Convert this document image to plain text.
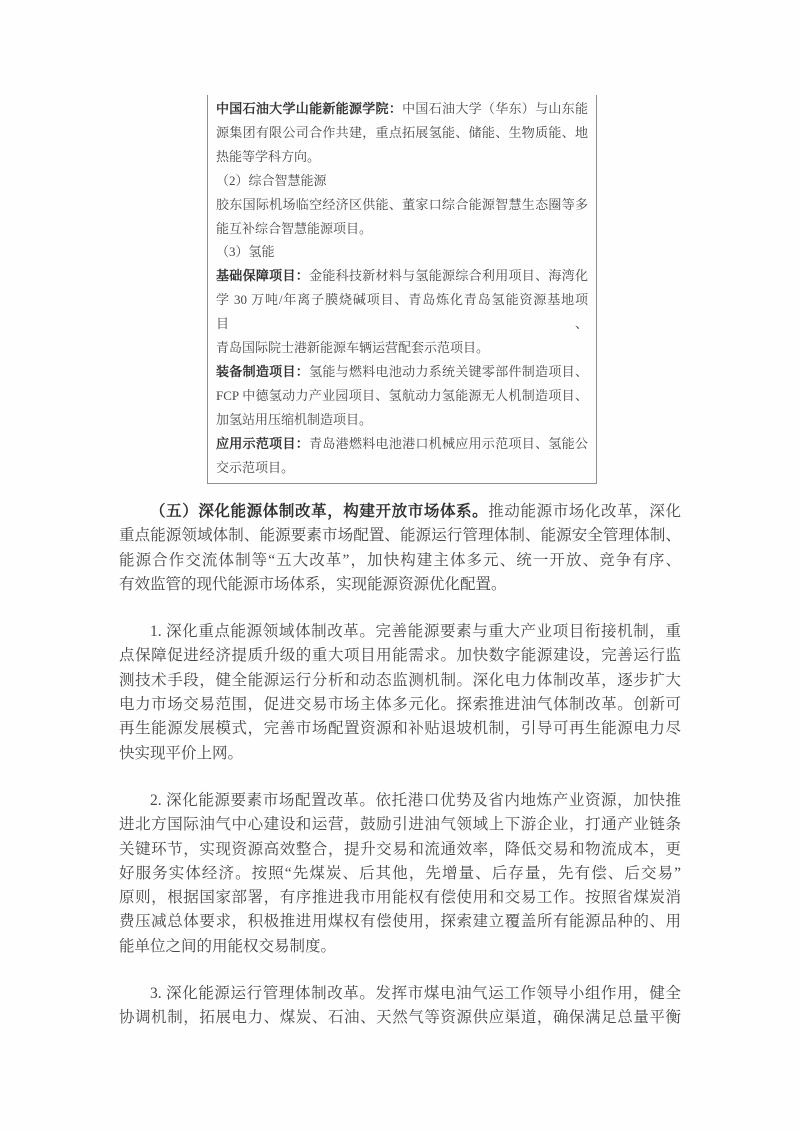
中国石油大学山能新能源学院：中国石油大学（华东）与山东能
源集团有限公司合作共建，重点拓展氢能、储能、生物质能、地
热能等学科方向。
（2）综合智慧能源
胶东国际机场临空经济区供能、董家口综合能源智慧生态圈等多
能互补综合智慧能源项目。
（3）氢能
基础保障项目：金能科技新材料与氢能源综合利用项目、海湾化
学 30 万吨/年离子膜烧碱项目、青岛炼化青岛氢能资源基地项目、
青岛国际院士港新能源车辆运营配套示范项目。
装备制造项目：氢能与燃料电池动力系统关键零部件制造项目、
FCP 中德氢动力产业园项目、氢航动力氢能源无人机制造项目、
加氢站用压缩机制造项目。
应用示范项目：青岛港燃料电池港口机械应用示范项目、氢能公
交示范项目。
（五）深化能源体制改革，构建开放市场体系。推动能源市场化改革，深化
重点能源领域体制、能源要素市场配置、能源运行管理体制、能源安全管理体制、
能源合作交流体制等“五大改革”，加快构建主体多元、统一开放、竞争有序、
有效监管的现代能源市场体系，实现能源资源优化配置。
1. 深化重点能源领域体制改革。完善能源要素与重大产业项目衔接机制，重
点保障促进经济提质升级的重大项目用能需求。加快数字能源建设，完善运行监
测技术手段，健全能源运行分析和动态监测机制。深化电力体制改革，逐步扩大
电力市场交易范围，促进交易市场主体多元化。探索推进油气体制改革。创新可
再生能源发展模式，完善市场配置资源和补贴退坡机制，引导可再生能源电力尽
快实现平价上网。
2. 深化能源要素市场配置改革。依托港口优势及省内地炼产业资源，加快推
进北方国际油气中心建设和运营，鼓励引进油气领域上下游企业，打通产业链条
关键环节，实现资源高效整合，提升交易和流通效率，降低交易和物流成本，更
好服务实体经济。按照“先煤炭、后其他，先增量、后存量，先有偿、后交易”
原则，根据国家部署，有序推进我市用能权有偿使用和交易工作。按照省煤炭消
费压减总体要求，积极推进用煤权有偿使用，探索建立覆盖所有能源品种的、用
能单位之间的用能权交易制度。
3. 深化能源运行管理体制改革。发挥市煤电油气运工作领导小组作用，健全
协调机制，拓展电力、煤炭、石油、天然气等资源供应渠道，确保满足总量平衡
